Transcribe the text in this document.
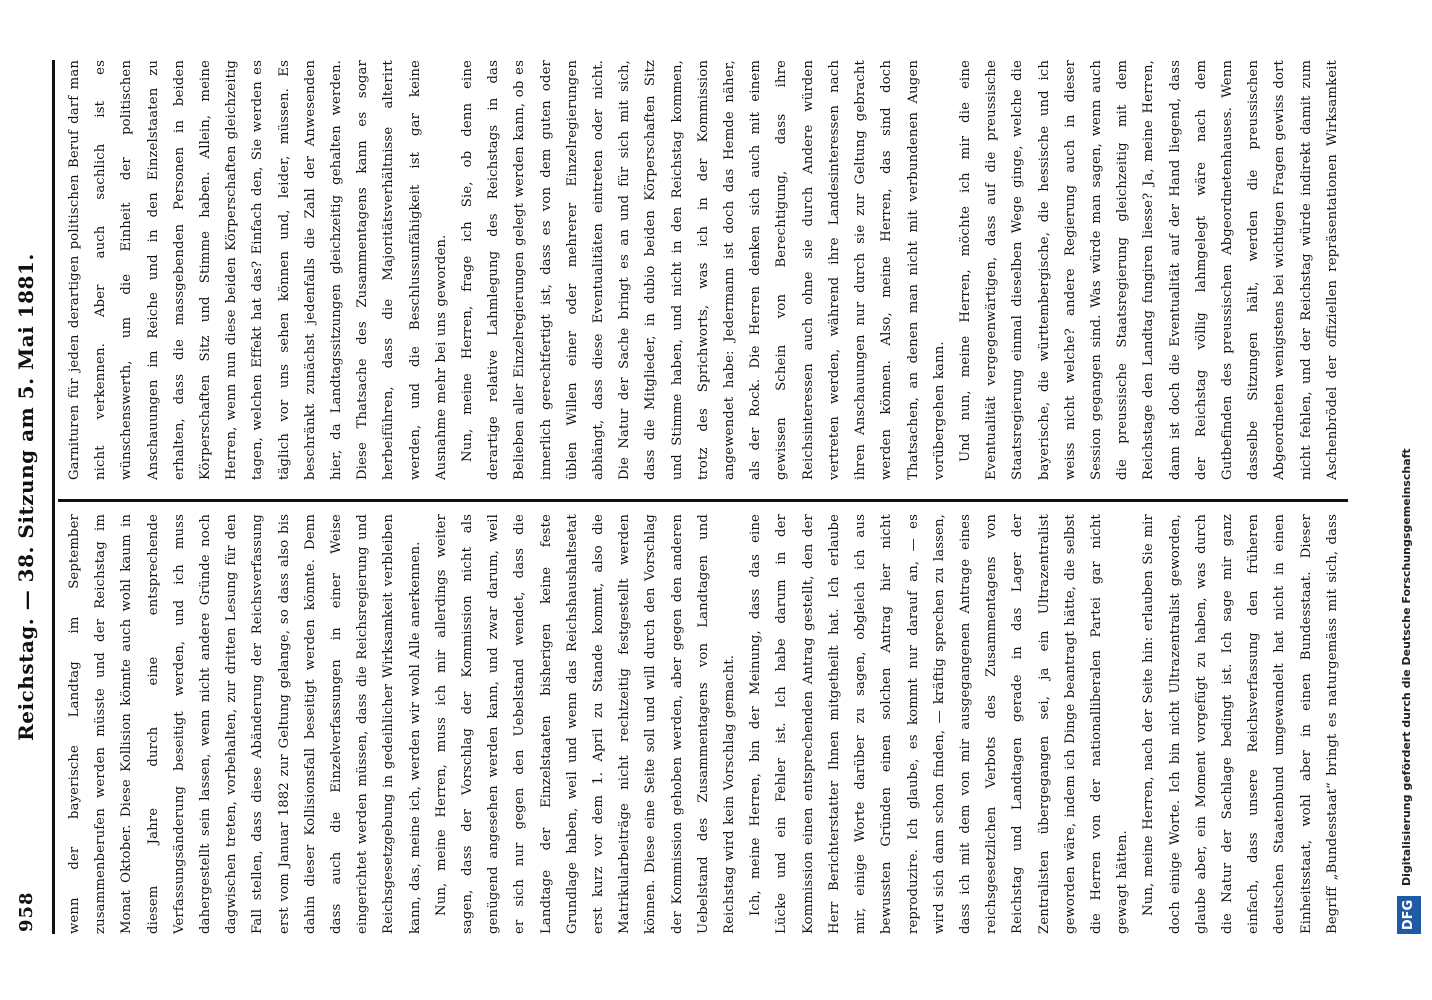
958
Reichstag. — 38. Sitzung am 5. Mai 1881.	wenn der bayerische Landtag im September zusammenberufen werden müsste und der Reichstag im Monat Oktober. Diese Kollision könnte auch wohl kaum in diesem Jahre durch eine entsprechende Verfassungsänderung beseitigt werden, und ich muss dahergestellt sein lassen, wenn nicht andere Gründe noch dagwischen treten, vorbehalten, zur dritten Lesung für den Fall stellen, dass diese Abänderung der Reichsverfassung erst vom Januar 1882 zur Geltung gelange, so dass also bis dahin dieser Kollisionsfall beseitigt werden könnte. Denn dass auch die Einzelverfassungen in einer Weise eingerichtet werden müssen, dass die Reichsregierung und Reichsgesetzgebung in gedeihlicher Wirksamkeit verbleiben kann, das, meine ich, werden wir wohl Alle anerkennen. Nun, meine Herren, muss ich mir allerdings weiter sagen, dass der Vorschlag der Kommission nicht als genügend angesehen werden kann, und zwar darum, weil er sich nur gegen den Uebelstand wendet, dass die Landtage der Einzelstaaten bisherigen keine feste Grundlage haben, weil und wenn das Reichshaushaltsetat erst kurz vor dem 1. April zu Stande kommt, also die Matrikularbeiträge nicht rechtzeitig festgestellt werden können. Diese eine Seite soll und will durch den Vorschlag der Kommission gehoben werden, aber gegen den anderen Uebelstand des Zusammentagens von Landtagen und Reichstag wird kein Vorschlag gemacht. Ich, meine Herren, bin der Meinung, dass das eine Lücke und ein Fehler ist. Ich habe darum in der Kommission einen entsprechenden Antrag gestellt, den der Herr Berichterstatter Ihnen mitgetheilt hat. Ich erlaube mir, einige Worte darüber zu sagen, obgleich ich aus bewussten Gründen einen solchen Antrag hier nicht reproduzire. Ich glaube, es kommt nur darauf an, — es wird sich dann schon finden, — kräftig sprechen zu lassen, dass ich mit dem von mir ausgegangenen Antrage eines reichsgesetzlichen Verbots des Zusammentagens von Reichstag und Landtagen gerade in das Lager der Zentralisten übergegangen sei, ja ein Ultrazentralist geworden wäre, indem ich Dinge beantragt hätte, die selbst die Herren von der nationalliberalen Partei gar nicht gewagt hätten. Nun, meine Herren, nach der Seite hin: erlauben Sie mir doch einige Worte. Ich bin nicht Ultrazentralist geworden, glaube aber, ein Moment vorgefügt zu haben, was durch die Natur der Sachlage bedingt ist. Ich sage mir ganz einfach, dass unsere Reichsverfassung den früheren deutschen Staatenbund umgewandelt hat nicht in einen Einheitsstaat, wohl aber in einen Bundesstaat. Dieser Begriff „Bundesstaat“ bringt es naturgemäss mit sich, dass

Garnituren für jeden derartigen politischen Beruf darf man nicht verkennen. Aber auch sachlich ist es wünschenswerth, um die Einheit der politischen Anschauungen im Reiche und in den Einzelstaaten zu erhalten, dass die massgebenden Personen in beiden Körperschaften Sitz und Stimme haben. Allein, meine Herren, wenn nun diese beiden Körperschaften gleichzeitig tagen, welchen Effekt hat das? Einfach den, Sie werden es täglich vor uns sehen können und, leider, müssen. Es beschränkt zunächst jedenfalls die Zahl der Anwesenden hier, da Landtagssitzungen gleichzeitig gehalten werden. Diese Thatsache des Zusammentagens kann es sogar herbeiführen, dass die Majoritätsverhältnisse alterirt werden, und die Beschlussunfähigkeit ist gar keine Ausnahme mehr bei uns geworden. Nun, meine Herren, frage ich Sie, ob denn eine derartige relative Lahmlegung des Reichstags in das Belieben aller Einzelregierungen gelegt werden kann, ob es innerlich gerechtfertigt ist, dass es von dem guten oder üblen Willen einer oder mehrerer Einzelregierungen abhängt, dass diese Eventualitäten eintreten oder nicht. Die Natur der Sache bringt es an und für sich mit sich, dass die Mitglieder, in dubio beiden Körperschaften Sitz und Stimme haben, und nicht in den Reichstag kommen, trotz des Sprichworts, was ich in der Kommission angewendet habe: Jedermann ist doch das Hemde näher, als der Rock. Die Herren denken sich auch mit einem gewissen Schein von Berechtigung, dass ihre Reichsinteressen auch ohne sie durch Andere würden vertreten werden, während ihre Landesinteressen nach ihren Anschauungen nur durch sie zur Geltung gebracht werden können. Also, meine Herren, das sind doch Thatsachen, an denen man nicht mit verbundenen Augen vorübergehen kann. Und nun, meine Herren, möchte ich mir die eine Eventualität vergegenwärtigen, dass auf die preussische Staatsregierung einmal dieselben Wege ginge, welche die bayerische, die württembergische, die hessische und ich weiss nicht welche? andere Regierung auch in dieser Session gegangen sind. Was würde man sagen, wenn auch die preussische Staatsregierung gleichzeitig mit dem Reichstage den Landtag fungiren liesse? Ja, meine Herren, dann ist doch die Eventualität auf der Hand liegend, dass der Reichstag völlig lahmgelegt wäre nach dem Gutbefinden des preussischen Abgeordnetenhauses. Wenn dasselbe Sitzungen hält, werden die preussischen Abgeordneten wenigstens bei wichtigen Fragen gewiss dort nicht fehlen, und der Reichstag würde indirekt damit zum Aschenbrödel der offiziellen repräsentationen Wirksamkeit

DFG
Digitalisierung gefördert durch die Deutsche Forschungsgemeinschaft
